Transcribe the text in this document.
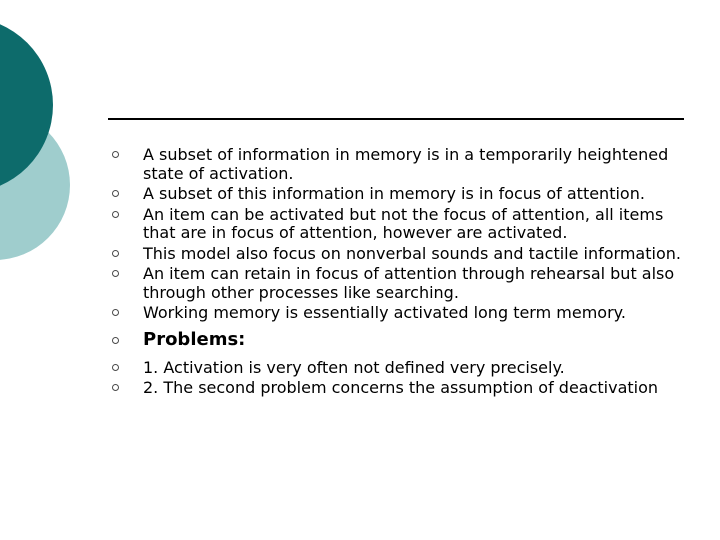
A subset of information in memory is in a temporarily heightened state of activation.
A subset of this information in memory is in focus of attention.
An item can be activated but not the focus of attention, all items that are in focus of attention, however are activated.
This model also focus on nonverbal sounds and tactile information.
An item can retain in focus of attention through rehearsal but also through other processes like searching.
Working memory is essentially activated long term memory.
Problems:
1. Activation is very often not defined very precisely.
2. The second problem concerns the assumption of deactivation
